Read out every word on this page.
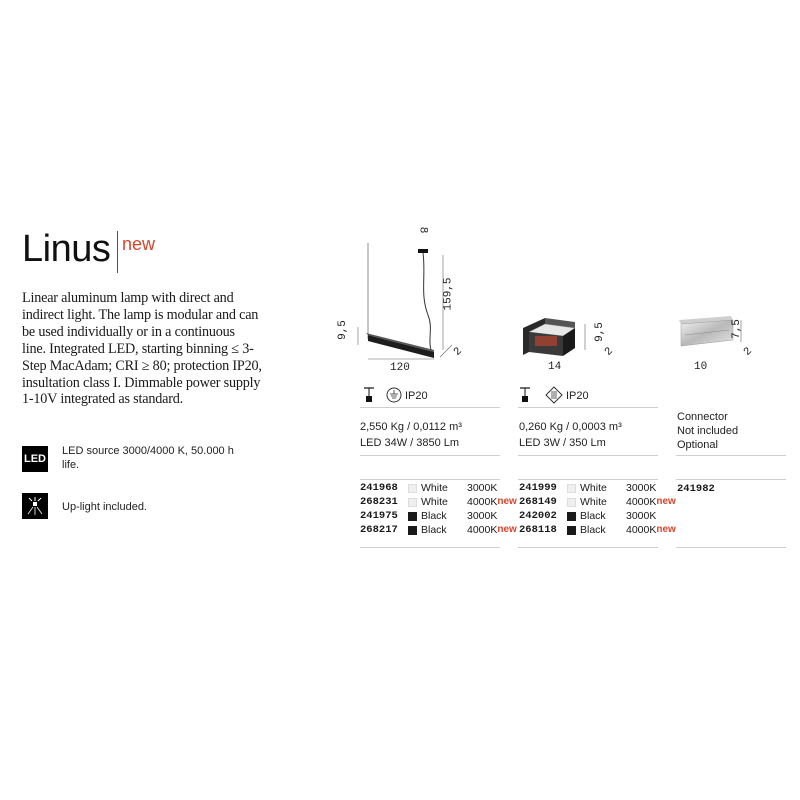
Linus new
Linear aluminum lamp with direct and indirect light. The lamp is modular and can be used individually or in a continuous line. Integrated LED, starting binning ≤ 3-Step MacAdam; CRI ≥ 80; protection IP20, insultation class I. Dimmable power supply 1-10V integrated as standard.
LED
LED source 3000/4000 K, 50.000 h life.
Up-light included.
8
9,5
159,5
120
2
IP20
2,550 Kg / 0,0112 m³
LED 34W / 3850 Lm
241968		White	3000K	
268231		White	4000K	new
241975		Black	3000K	
268217		Black	4000K	new
9,5
14
2
IP20
0,260 Kg / 0,0003 m³
LED 3W / 350 Lm
241999		White	3000K	
268149		White	4000K	new
242002		Black	3000K	
268118		Black	4000K	new
7,5
10
2
Connector
Not included
Optional
241982
